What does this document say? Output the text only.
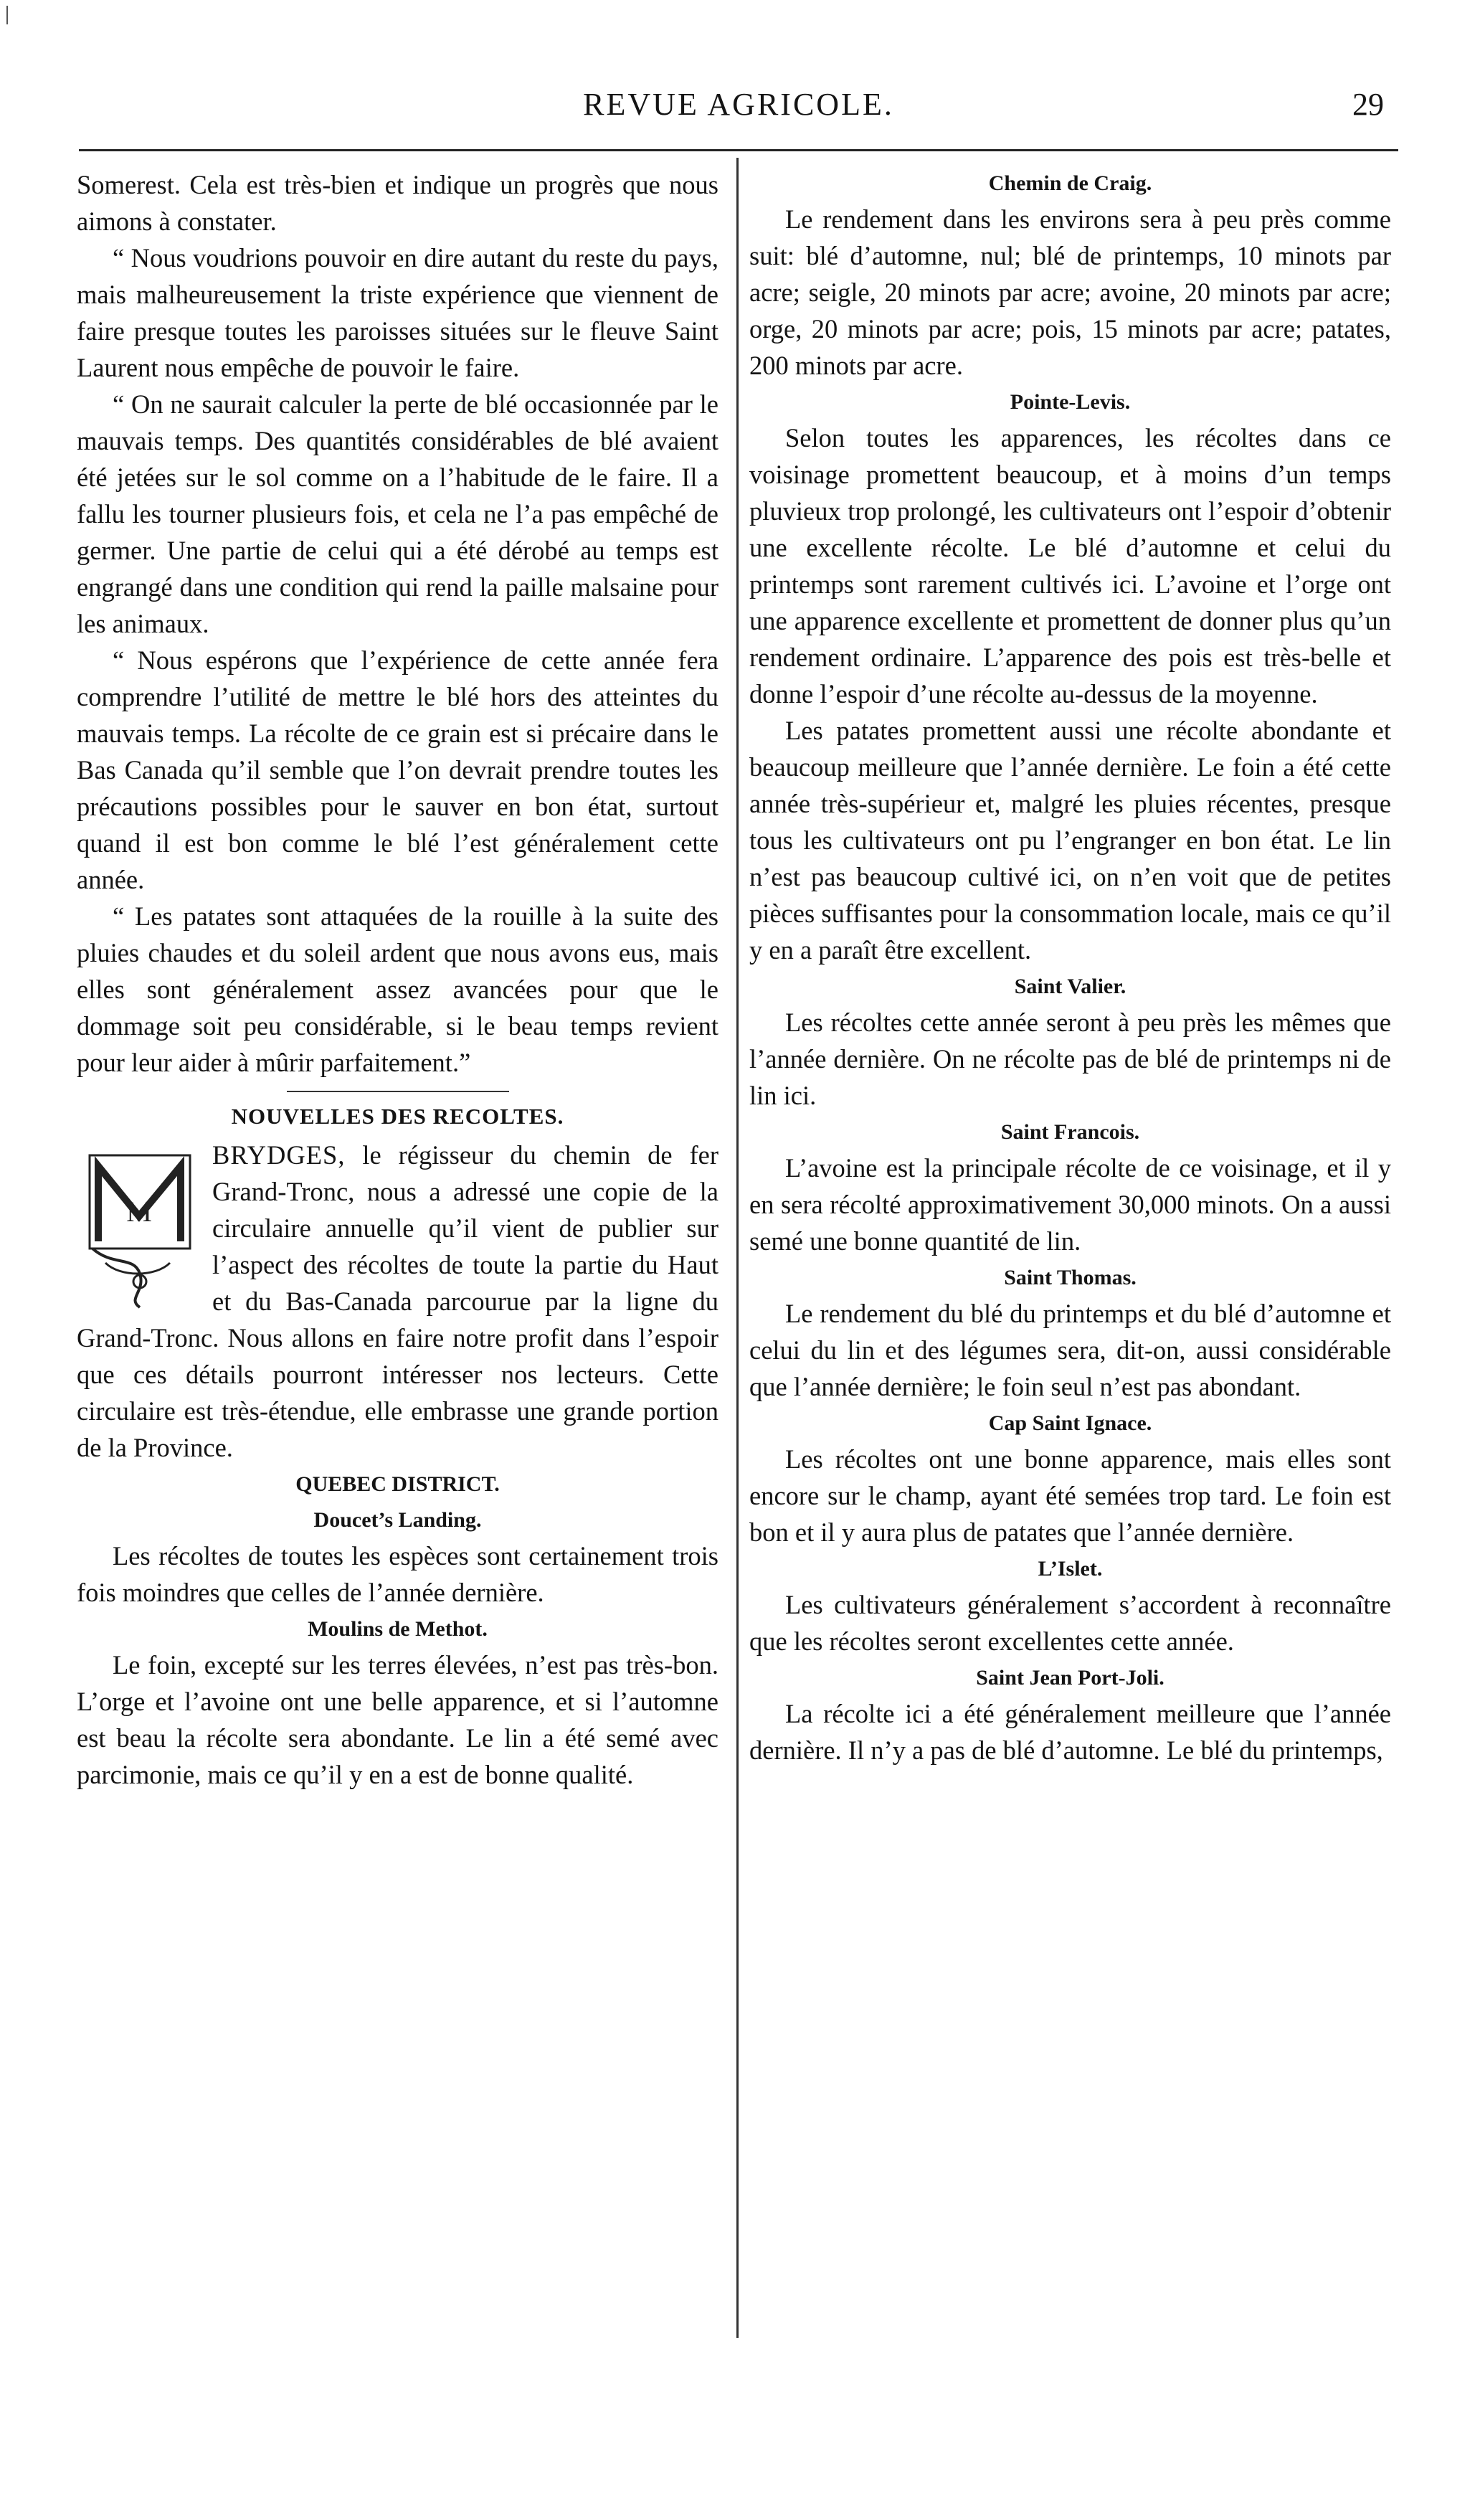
REVUE AGRICOLE.	29

Somerest. Cela est très-bien et indique un progrès que nous aimons à constater.

“ Nous voudrions pouvoir en dire autant du reste du pays, mais malheureusement la triste expérience que viennent de faire presque toutes les paroisses situées sur le fleuve Saint Laurent nous empêche de pouvoir le faire.

“ On ne saurait calculer la perte de blé occasionnée par le mauvais temps. Des quantités considérables de blé avaient été jetées sur le sol comme on a l’habitude de le faire. Il a fallu les tourner plusieurs fois, et cela ne l’a pas empêché de germer. Une partie de celui qui a été dérobé au temps est engrangé dans une condition qui rend la paille malsaine pour les animaux.

“ Nous espérons que l’expérience de cette année fera comprendre l’utilité de mettre le blé hors des atteintes du mauvais temps. La récolte de ce grain est si précaire dans le Bas Canada qu’il semble que l’on devrait prendre toutes les précautions possibles pour le sauver en bon état, surtout quand il est bon comme le blé l’est généralement cette année.

“ Les patates sont attaquées de la rouille à la suite des pluies chaudes et du soleil ardent que nous avons eus, mais elles sont généralement assez avancées pour que le dommage soit peu considérable, si le beau temps revient pour leur aider à mûrir parfaitement.”

NOUVELLES DES RECOLTES.
M

BRYDGES, le régisseur du chemin de fer Grand-Tronc, nous a adressé une copie de la circulaire annuelle qu’il vient de publier sur l’aspect des récoltes de toute la partie du Haut et du Bas-Canada parcourue par la ligne du Grand-Tronc. Nous allons en faire notre profit dans l’espoir que ces détails pourront intéresser nos lecteurs. Cette circulaire est très-étendue, elle embrasse une grande portion de la Province.

QUEBEC DISTRICT.
Doucet’s Landing.

Les récoltes de toutes les espèces sont certainement trois fois moindres que celles de l’année dernière.

Moulins de Methot.

Le foin, excepté sur les terres élevées, n’est pas très-bon. L’orge et l’avoine ont une belle apparence, et si l’automne est beau la récolte sera abondante. Le lin a été semé avec parcimonie, mais ce qu’il y en a est de bonne qualité.

Chemin de Craig.

Le rendement dans les environs sera à peu près comme suit: blé d’automne, nul; blé de printemps, 10 minots par acre; seigle, 20 minots par acre; avoine, 20 minots par acre; orge, 20 minots par acre; pois, 15 minots par acre; patates, 200 minots par acre.

Pointe-Levis.

Selon toutes les apparences, les récoltes dans ce voisinage promettent beaucoup, et à moins d’un temps pluvieux trop prolongé, les cultivateurs ont l’espoir d’obtenir une excellente récolte. Le blé d’automne et celui du printemps sont rarement cultivés ici. L’avoine et l’orge ont une apparence excellente et promettent de donner plus qu’un rendement ordinaire. L’apparence des pois est très-belle et donne l’espoir d’une récolte au-dessus de la moyenne.

Les patates promettent aussi une récolte abondante et beaucoup meilleure que l’année dernière. Le foin a été cette année très-supérieur et, malgré les pluies récentes, presque tous les cultivateurs ont pu l’engranger en bon état. Le lin n’est pas beaucoup cultivé ici, on n’en voit que de petites pièces suffisantes pour la consommation locale, mais ce qu’il y en a paraît être excellent.

Saint Valier.

Les récoltes cette année seront à peu près les mêmes que l’année dernière. On ne récolte pas de blé de printemps ni de lin ici.

Saint Francois.

L’avoine est la principale récolte de ce voisinage, et il y en sera récolté approximativement 30,000 minots. On a aussi semé une bonne quantité de lin.

Saint Thomas.

Le rendement du blé du printemps et du blé d’automne et celui du lin et des légumes sera, dit-on, aussi considérable que l’année dernière; le foin seul n’est pas abondant.

Cap Saint Ignace.

Les récoltes ont une bonne apparence, mais elles sont encore sur le champ, ayant été semées trop tard. Le foin est bon et il y aura plus de patates que l’année dernière.

L’Islet.

Les cultivateurs généralement s’accordent à reconnaître que les récoltes seront excellentes cette année.

Saint Jean Port-Joli.

La récolte ici a été généralement meilleure que l’année dernière. Il n’y a pas de blé d’automne. Le blé du printemps,
